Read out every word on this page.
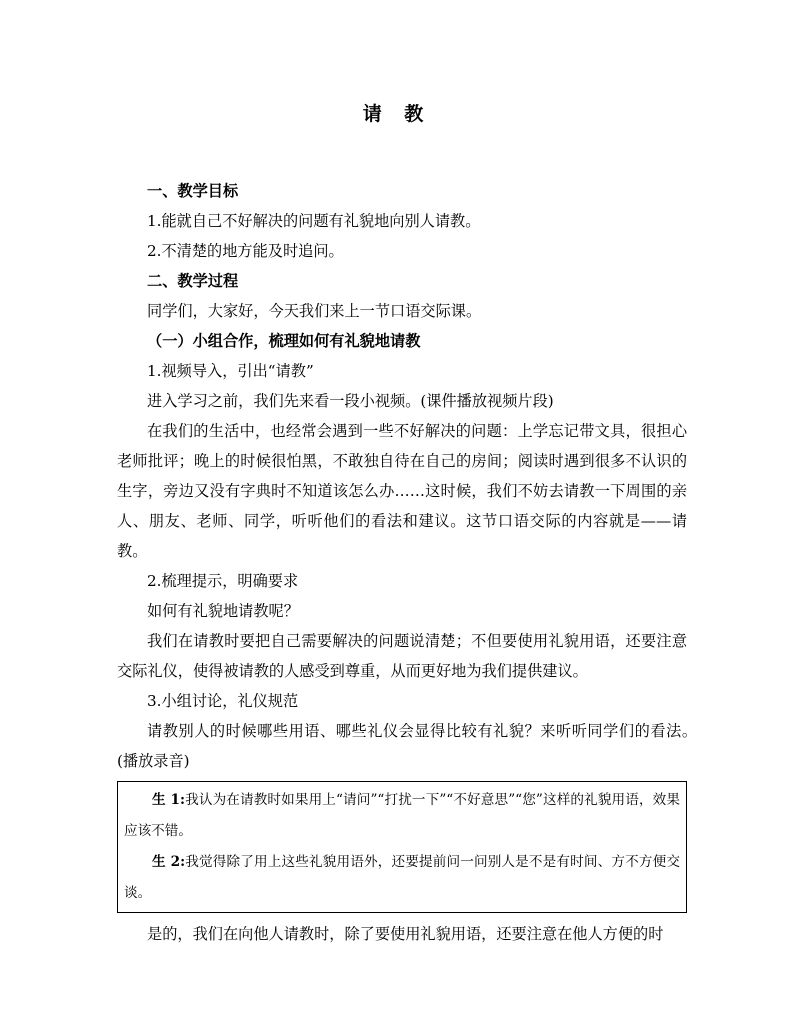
请 教

一、教学目标

1.能就自己不好解决的问题有礼貌地向别人请教。

2.不清楚的地方能及时追问。

二、教学过程

同学们，大家好，今天我们来上一节口语交际课。

（一）小组合作，梳理如何有礼貌地请教

1.视频导入，引出“请教”

进入学习之前，我们先来看一段小视频。(课件播放视频片段)

在我们的生活中，也经常会遇到一些不好解决的问题：上学忘记带文具，很担心老师批评；晚上的时候很怕黑，不敢独自待在自己的房间；阅读时遇到很多不认识的生字，旁边又没有字典时不知道该怎么办……这时候，我们不妨去请教一下周围的亲人、朋友、老师、同学，听听他们的看法和建议。这节口语交际的内容就是——请教。

2.梳理提示，明确要求

如何有礼貌地请教呢？

我们在请教时要把自己需要解决的问题说清楚；不但要使用礼貌用语，还要注意交际礼仪，使得被请教的人感受到尊重，从而更好地为我们提供建议。

3.小组讨论，礼仪规范

请教别人的时候哪些用语、哪些礼仪会显得比较有礼貌？来听听同学们的看法。(播放录音)

生 1:我认为在请教时如果用上“请问”“打扰一下”“不好意思”“您”这样的礼貌用语，效果应该不错。

生 2:我觉得除了用上这些礼貌用语外，还要提前问一问别人是不是有时间、方不方便交谈。

是的，我们在向他人请教时，除了要使用礼貌用语，还要注意在他人方便的时
